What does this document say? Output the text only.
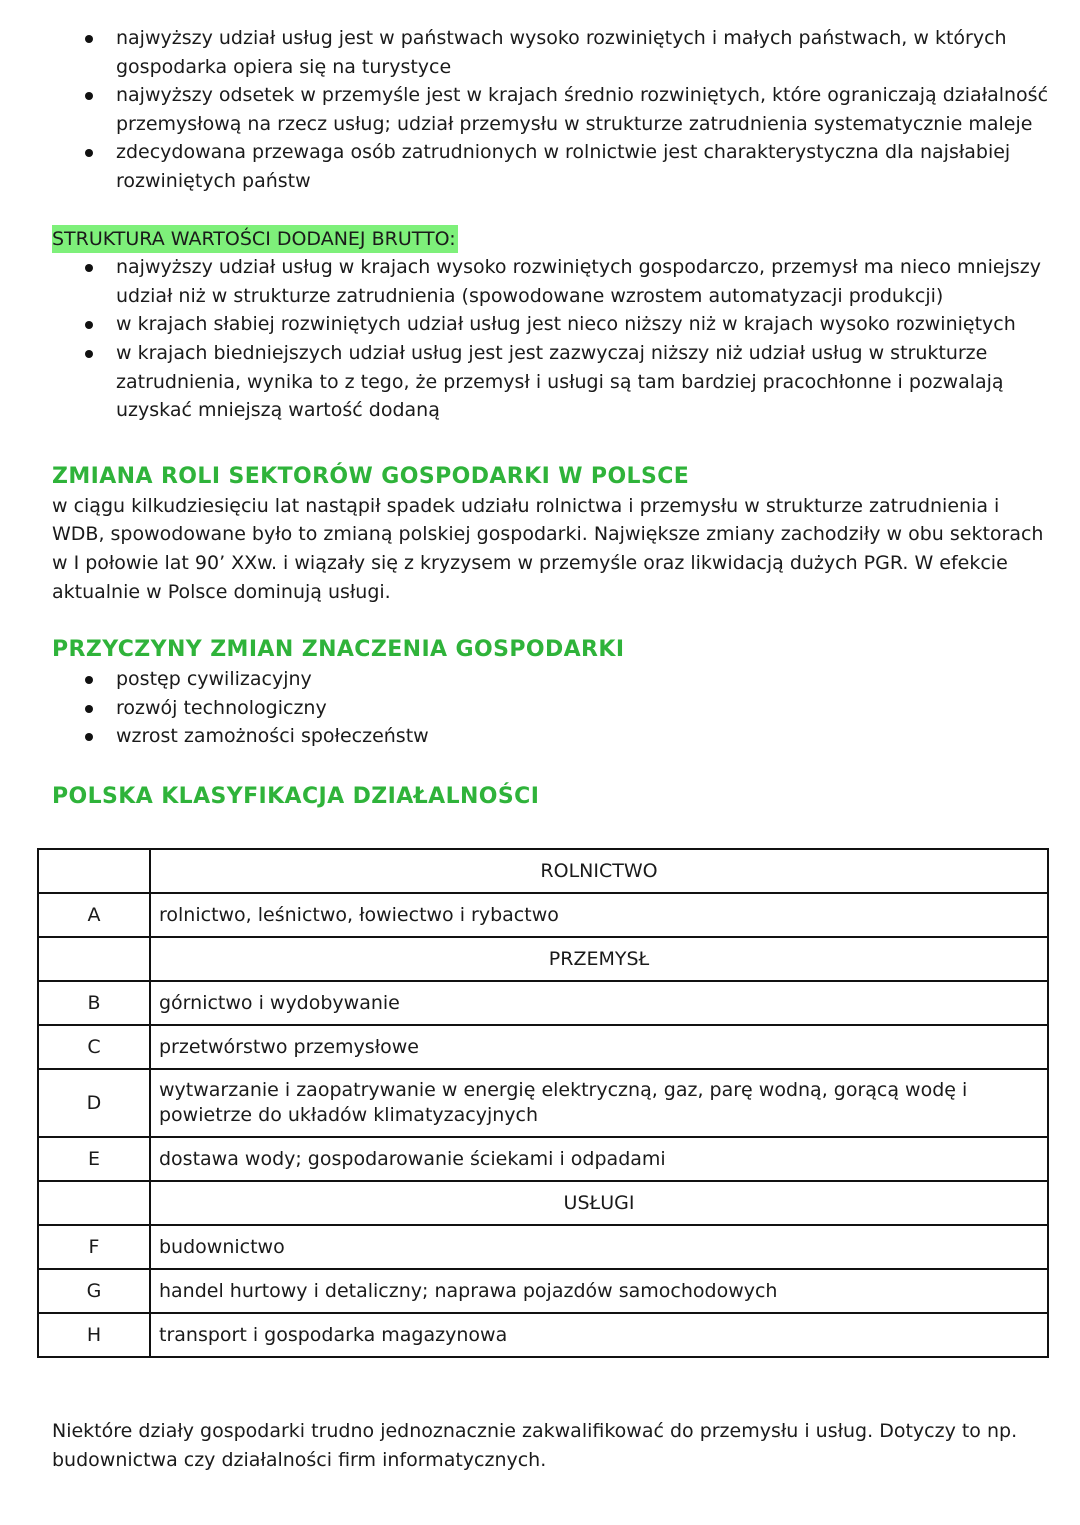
najwyższy udział usług jest w państwach wysoko rozwiniętych i małych państwach, w których gospodarka opiera się na turystyce
najwyższy odsetek w przemyśle jest w krajach średnio rozwiniętych, które ograniczają działalność przemysłową na rzecz usług; udział przemysłu w strukturze zatrudnienia systematycznie maleje
zdecydowana przewaga osób zatrudnionych w rolnictwie jest charakterystyczna dla najsłabiej rozwiniętych państw
STRUKTURA WARTOŚCI DODANEJ BRUTTO:
najwyższy udział usług w krajach wysoko rozwiniętych gospodarczo, przemysł ma nieco mniejszy udział niż w strukturze zatrudnienia (spowodowane wzrostem automatyzacji produkcji)
w krajach słabiej rozwiniętych udział usług jest nieco niższy niż w krajach wysoko rozwiniętych
w krajach biedniejszych udział usług jest jest zazwyczaj niższy niż udział usług w strukturze zatrudnienia, wynika to z tego, że przemysł i usługi są tam bardziej pracochłonne i pozwalają uzyskać mniejszą wartość dodaną
ZMIANA ROLI SEKTORÓW GOSPODARKI W POLSCE

w ciągu kilkudziesięciu lat nastąpił spadek udziału rolnictwa i przemysłu w strukturze zatrudnienia i WDB, spowodowane było to zmianą polskiej gospodarki. Największe zmiany zachodziły w obu sektorach w I połowie lat 90’ XXw. i wiązały się z kryzysem w przemyśle oraz likwidacją dużych PGR. W efekcie aktualnie w Polsce dominują usługi.

PRZYCZYNY ZMIAN ZNACZENIA GOSPODARKI
postęp cywilizacyjny
rozwój technologiczny
wzrost zamożności społeczeństw
POLSKA KLASYFIKACJA DZIAŁALNOŚCI
	ROLNICTWO
A	rolnictwo, leśnictwo, łowiectwo i rybactwo
	PRZEMYSŁ
B	górnictwo i wydobywanie
C	przetwórstwo przemysłowe
D	wytwarzanie i zaopatrywanie w energię elektryczną, gaz, parę wodną, gorącą wodę i powietrze do układów klimatyzacyjnych
E	dostawa wody; gospodarowanie ściekami i odpadami
	USŁUGI
F	budownictwo
G	handel hurtowy i detaliczny; naprawa pojazdów samochodowych
H	transport i gospodarka magazynowa

Niektóre działy gospodarki trudno jednoznacznie zakwalifikować do przemysłu i usług. Dotyczy to np. budownictwa czy działalności firm informatycznych.
